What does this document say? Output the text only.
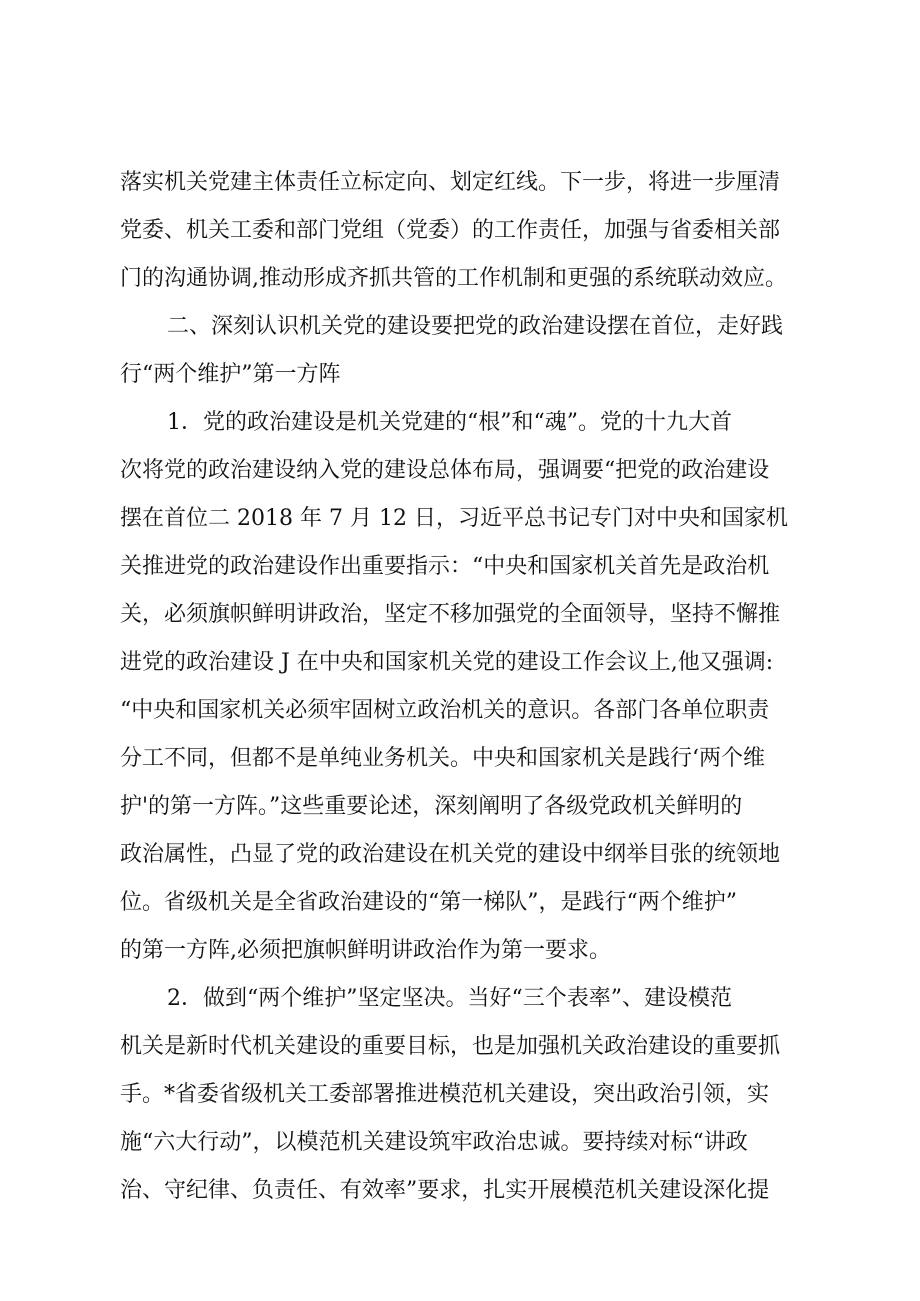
落实机关党建主体责任立标定向、划定红线。下一步，将进一步厘清
党委、机关工委和部门党组（党委）的工作责任，加强与省委相关部
门的沟通协调,推动形成齐抓共管的工作机制和更强的系统联动效应。
二、深刻认识机关党的建设要把党的政治建设摆在首位，走好践
行“两个维护”第一方阵
1．党的政治建设是机关党建的“根”和“魂”。党的十九大首
次将党的政治建设纳入党的建设总体布局，强调要“把党的政治建设
摆在首位二 2018 年 7 月 12 日，习近平总书记专门对中央和国家机
关推进党的政治建设作出重要指示：“中央和国家机关首先是政治机
关，必须旗帜鲜明讲政治，坚定不移加强党的全面领导，坚持不懈推
进党的政治建设 J 在中央和国家机关党的建设工作会议上,他又强调:
“中央和国家机关必须牢固树立政治机关的意识。各部门各单位职责
分工不同，但都不是单纯业务机关。中央和国家机关是践行‘两个维
护'的第一方阵。”这些重要论述，深刻阐明了各级党政机关鲜明的
政治属性，凸显了党的政治建设在机关党的建设中纲举目张的统领地
位。省级机关是全省政治建设的“第一梯队”，是践行“两个维护”
的第一方阵,必须把旗帜鲜明讲政治作为第一要求。
2．做到“两个维护”坚定坚决。当好“三个表率”、建设模范
机关是新时代机关建设的重要目标，也是加强机关政治建设的重要抓
手。*省委省级机关工委部署推进模范机关建设，突出政治引领，实
施“六大行动”，以模范机关建设筑牢政治忠诚。要持续对标“讲政
治、守纪律、负责任、有效率”要求，扎实开展模范机关建设深化提
